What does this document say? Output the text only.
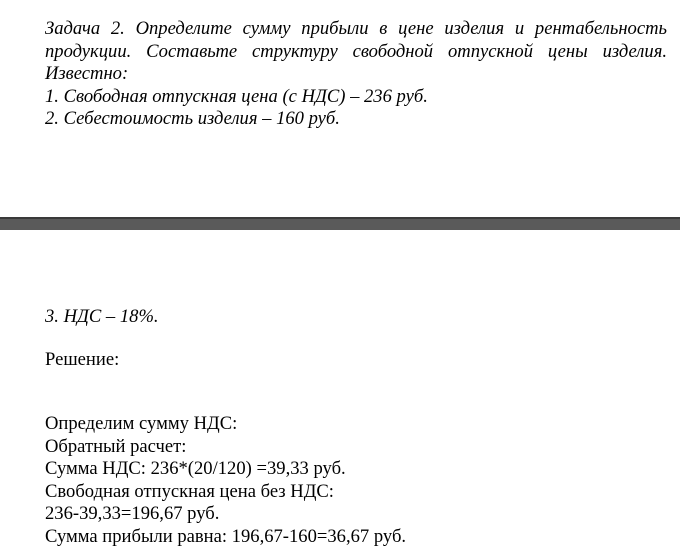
Задача 2. Определите сумму прибыли в цене изделия и рентабельность
продукции. Составьте структуру свободной отпускной цены изделия.
Известно:
1. Свободная отпускная цена (с НДС) – 236 руб.
2. Себестоимость изделия – 160 руб.
3. НДС – 18%.
Решение:
Определим сумму НДС:
Обратный расчет:
Сумма НДС: 236*(20/120) =39,33 руб.
Свободная отпускная цена без НДС:
236-39,33=196,67 руб.
Сумма прибыли равна: 196,67-160=36,67 руб.
